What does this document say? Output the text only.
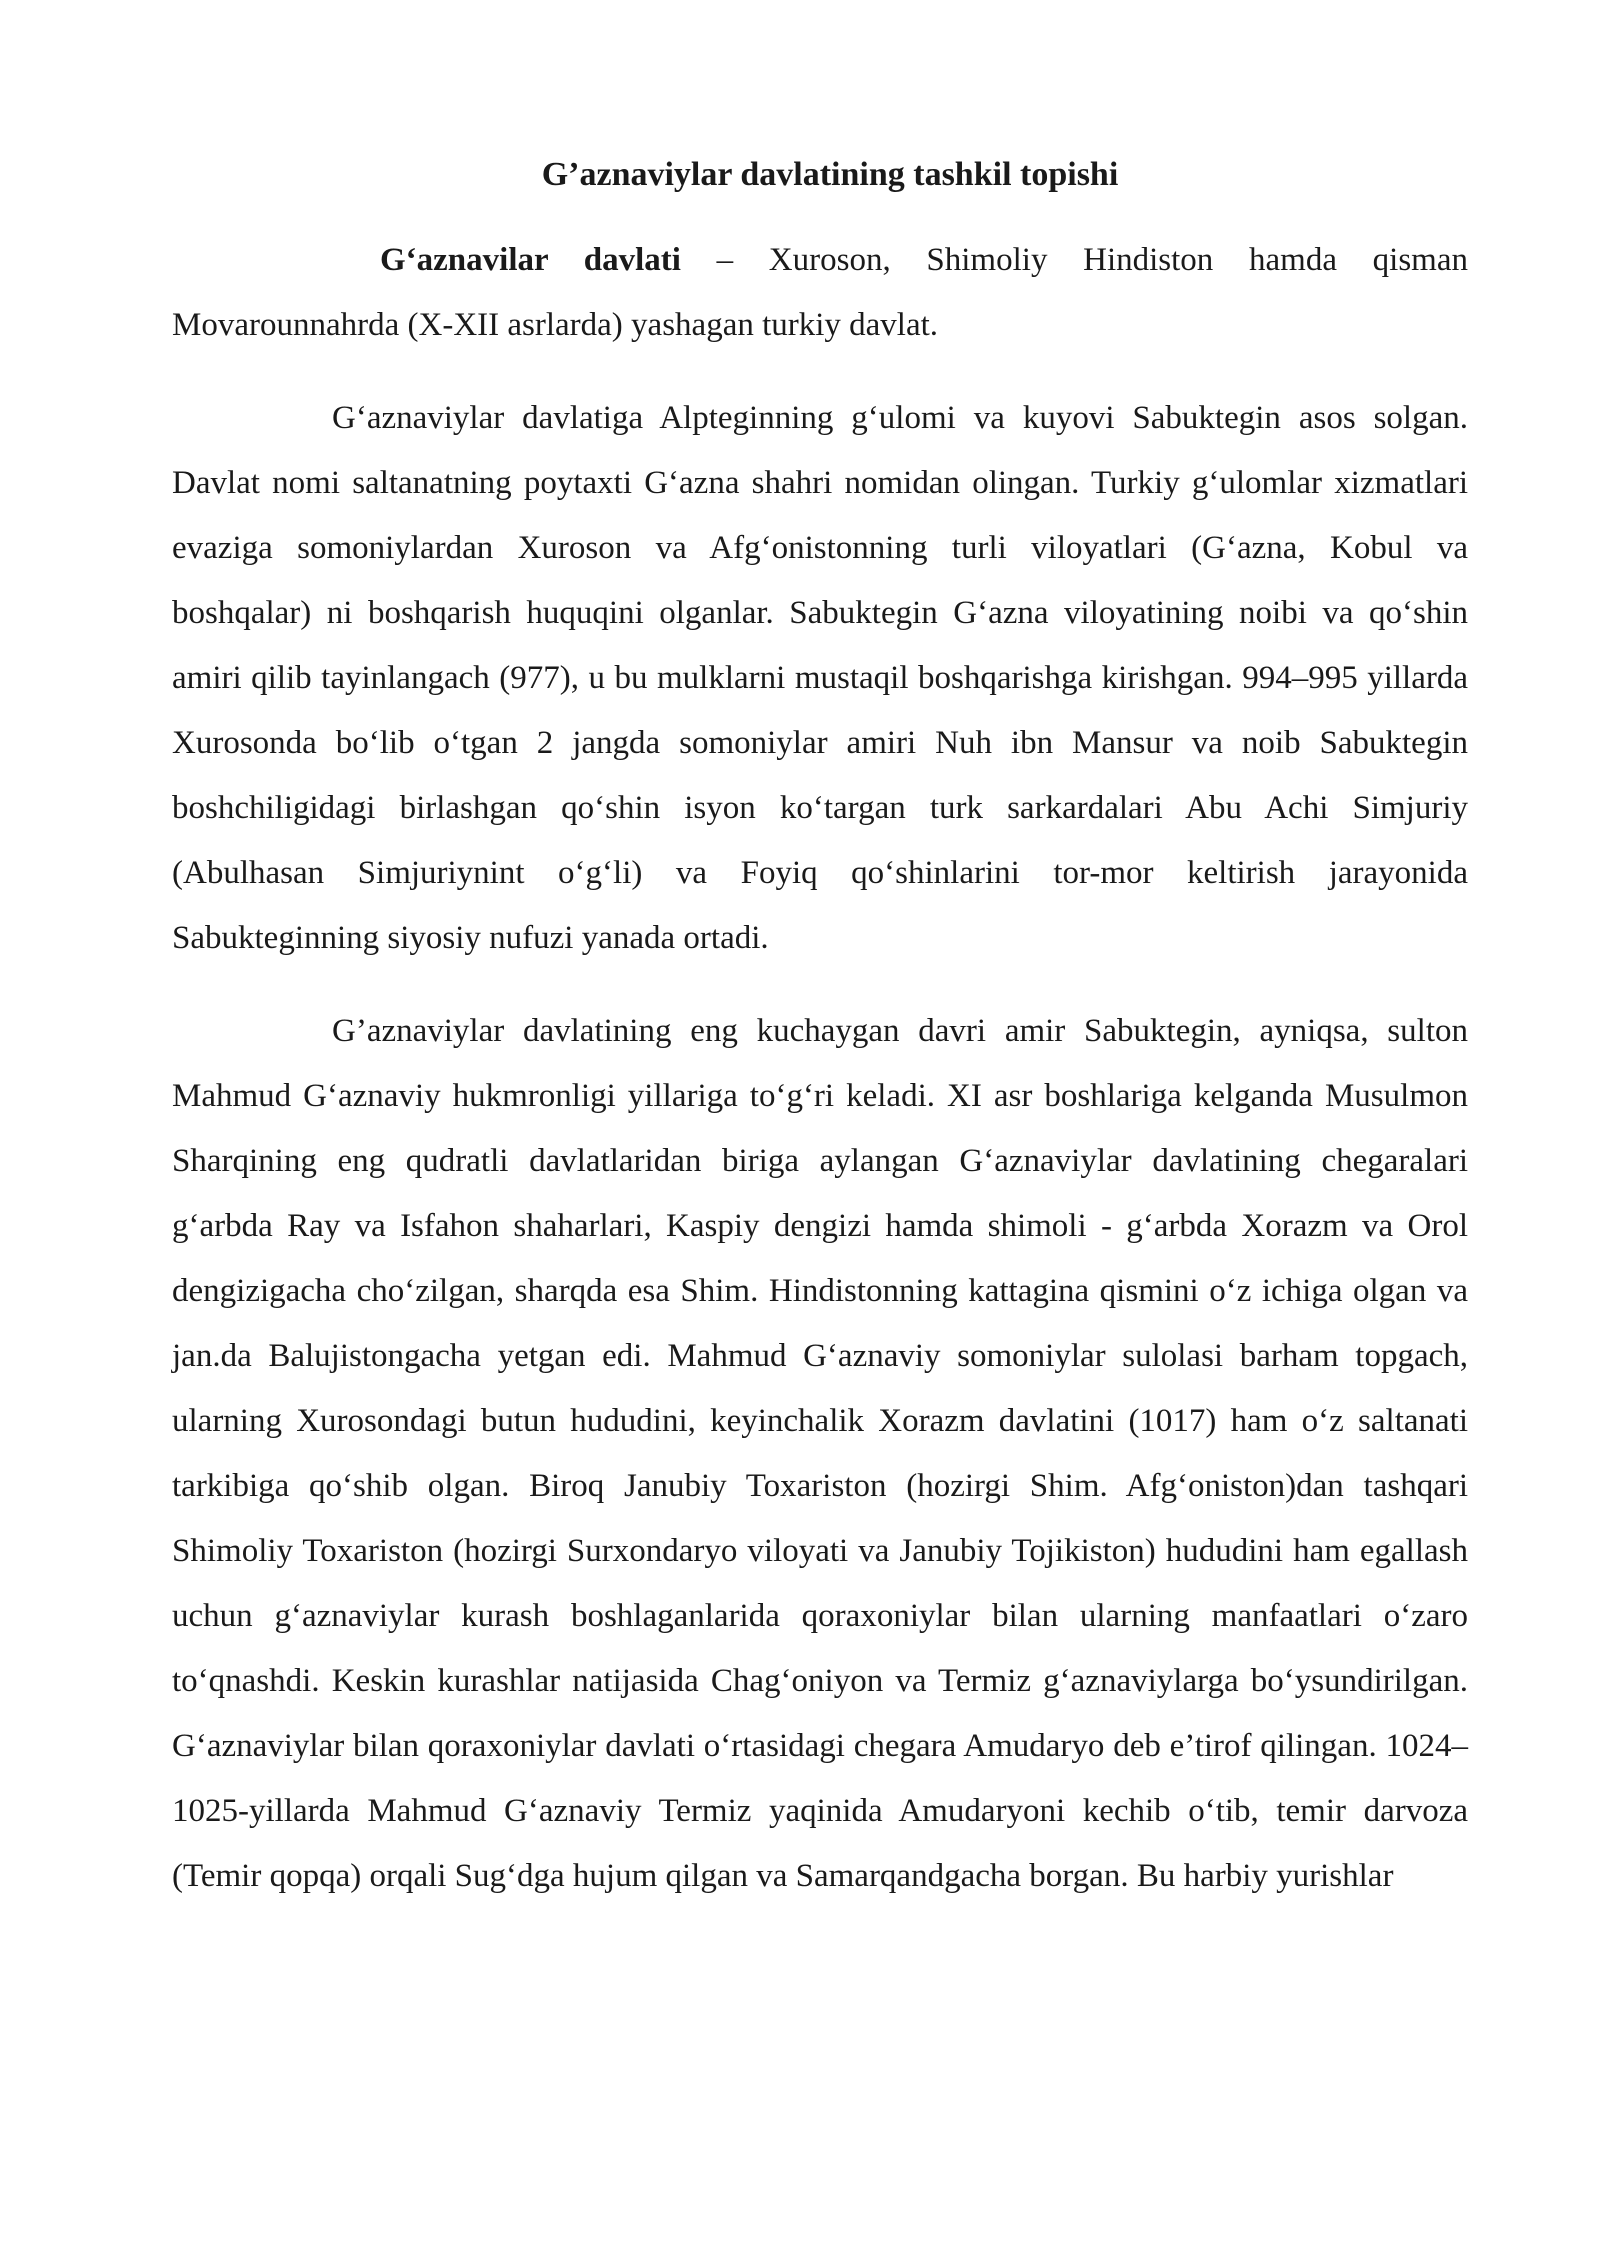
G’aznaviylar davlatining tashkil topishi

G‘aznavilar davlati – Xuroson, Shimoliy Hindiston hamda qisman Movarounnahrda (X-XII asrlarda) yashagan turkiy davlat.

G‘aznaviylar davlatiga Alpteginning g‘ulomi va kuyovi Sabuktegin asos solgan. Davlat nomi saltanatning poytaxti G‘azna shahri nomidan olingan. Turkiy g‘ulomlar xizmatlari evaziga somoniylardan Xuroson va Afg‘onistonning turli viloyatlari (G‘azna, Kobul va boshqalar) ni boshqarish huquqini olganlar. Sabuktegin G‘azna viloyatining noibi va qo‘shin amiri qilib tayinlangach (977), u bu mulklarni mustaqil boshqarishga kirishgan. 994–995 yillarda Xurosonda bo‘lib o‘tgan 2 jangda somoniylar amiri Nuh ibn Mansur va noib Sabuktegin boshchiligidagi birlashgan qo‘shin isyon ko‘targan turk sarkardalari Abu Achi Simjuriy (Abulhasan Simjuriynint o‘g‘li) va Foyiq qo‘shinlarini tor-mor keltirish jarayonida Sabukteginning siyosiy nufuzi yanada ortadi.

G’aznaviylar davlatining eng kuchaygan davri amir Sabuktegin, ayniqsa, sulton Mahmud G‘aznaviy hukmronligi yillariga to‘g‘ri keladi. XI asr boshlariga kelganda Musulmon Sharqining eng qudratli davlatlaridan biriga aylangan G‘aznaviylar davlatining chegaralari g‘arbda Ray va Isfahon shaharlari, Kaspiy dengizi hamda shimoli - g‘arbda Xorazm va Orol dengizigacha cho‘zilgan, sharqda esa Shim. Hindistonning kattagina qismini o‘z ichiga olgan va jan.da Balujistongacha yetgan edi. Mahmud G‘aznaviy somoniylar sulolasi barham topgach, ularning Xurosondagi butun hududini, keyinchalik Xorazm davlatini (1017) ham o‘z saltanati tarkibiga qo‘shib olgan. Biroq Janubiy Toxariston (hozirgi Shim. Afg‘oniston)dan tashqari Shimoliy Toxariston (hozirgi Surxondaryo viloyati va Janubiy Tojikiston) hududini ham egallash uchun g‘aznaviylar kurash boshlaganlarida qoraxoniylar bilan ularning manfaatlari o‘zaro to‘qnashdi. Keskin kurashlar natijasida Chag‘oniyon va Termiz g‘aznaviylarga bo‘ysundirilgan. G‘aznaviylar bilan qoraxoniylar davlati o‘rtasidagi chegara Amudaryo deb e’tirof qilingan. 1024–1025-yillarda Mahmud G‘aznaviy Termiz yaqinida Amudaryoni kechib o‘tib, temir darvoza (Temir qopqa) orqali Sug‘dga hujum qilgan va Samarqandgacha borgan. Bu harbiy yurishlar
